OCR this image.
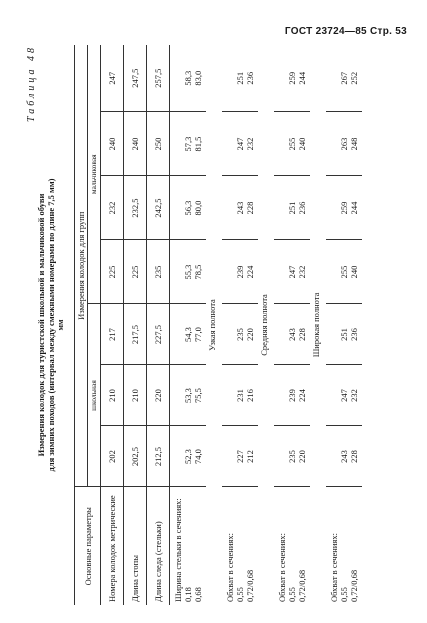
ГОСТ 23724—85 Стр. 53
Таблица 48
Измерения колодок для туристской школьной и мальчиковой обуви для зимних походов (интервал между смежными номерами по длине 7,5 мм) мм
Основные параметры	Измерения колодок для групп						
	школьная			мальчиковая			
Номера колодок метрические	202	210	217	225	232	240	247
Длина стопы	202,5	210	217,5	225	232,5	240	247,5
Длина следа (стельки)	212,5	220	227,5	235	242,5	250	257,5

Ширина стельки в сечениях: 0,18 0,68	52,3 74,0	53,3 75,5	54,3 77,0	55,3 78,5	56,3 80,0	57,3 81,5	58,3 83,0

Узкая полнота							

Обхват в сечениях: 0,55 0,72/0,68	227 212	231 216	235 220	239 224	243 228	247 232	251 236

Средняя полнота							

Обхват в сечениях: 0,55 0,72/0,68	235 220	239 224	243 228	247 232	251 236	255 240	259 244

Широкая полнота							

Обхват в сечениях: 0,55 0,72/0,68	243 228	247 232	251 236	255 240	259 244	263 248	267 252
